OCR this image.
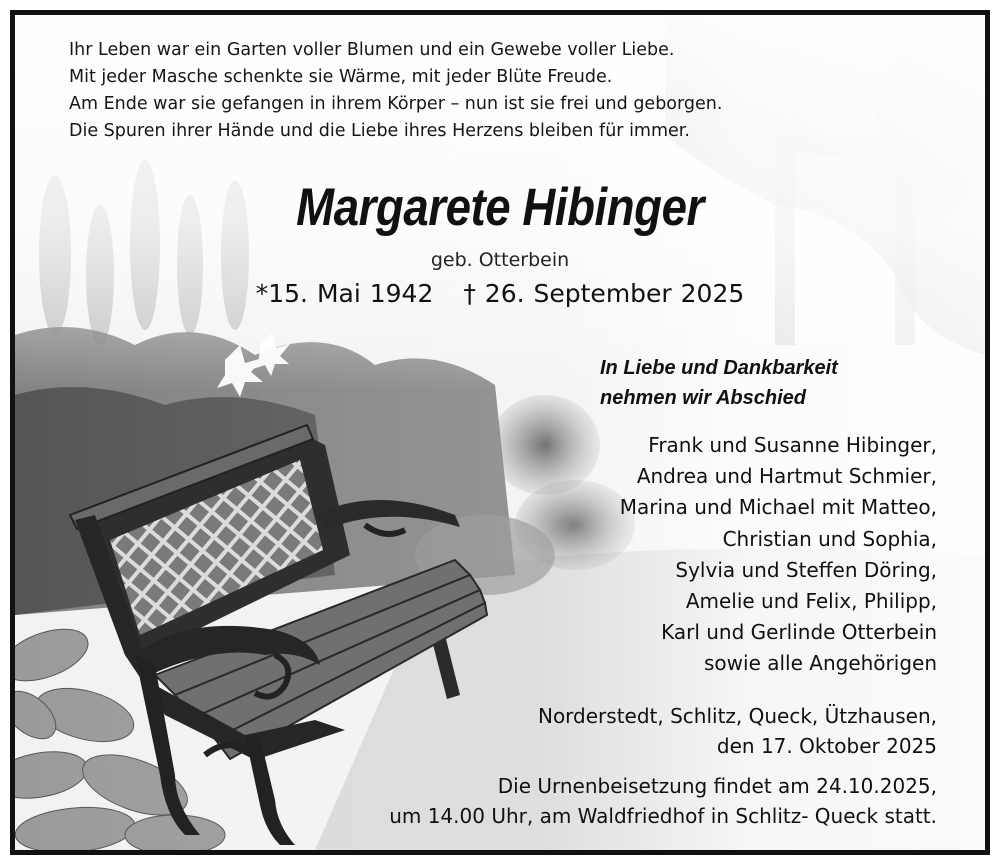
Ihr Leben war ein Garten voller Blumen und ein Gewebe voller Liebe.
Mit jeder Masche schenkte sie Wärme, mit jeder Blüte Freude.
Am Ende war sie gefangen in ihrem Körper – nun ist sie frei und geborgen.
Die Spuren ihrer Hände und die Liebe ihres Herzens bleiben für immer.
Margarete Hibinger
geb. Otterbein
*15. Mai 1942 † 26. September 2025
In Liebe und Dankbarkeit
nehmen wir Abschied
Frank und Susanne Hibinger,
Andrea und Hartmut Schmier,
Marina und Michael mit Matteo,
Christian und Sophia,
Sylvia und Steffen Döring,
Amelie und Felix, Philipp,
Karl und Gerlinde Otterbein
sowie alle Angehörigen
Norderstedt, Schlitz, Queck, Ützhausen,
den 17. Oktober 2025
Die Urnenbeisetzung findet am 24.10.2025,
um 14.00 Uhr, am Waldfriedhof in Schlitz- Queck statt.
